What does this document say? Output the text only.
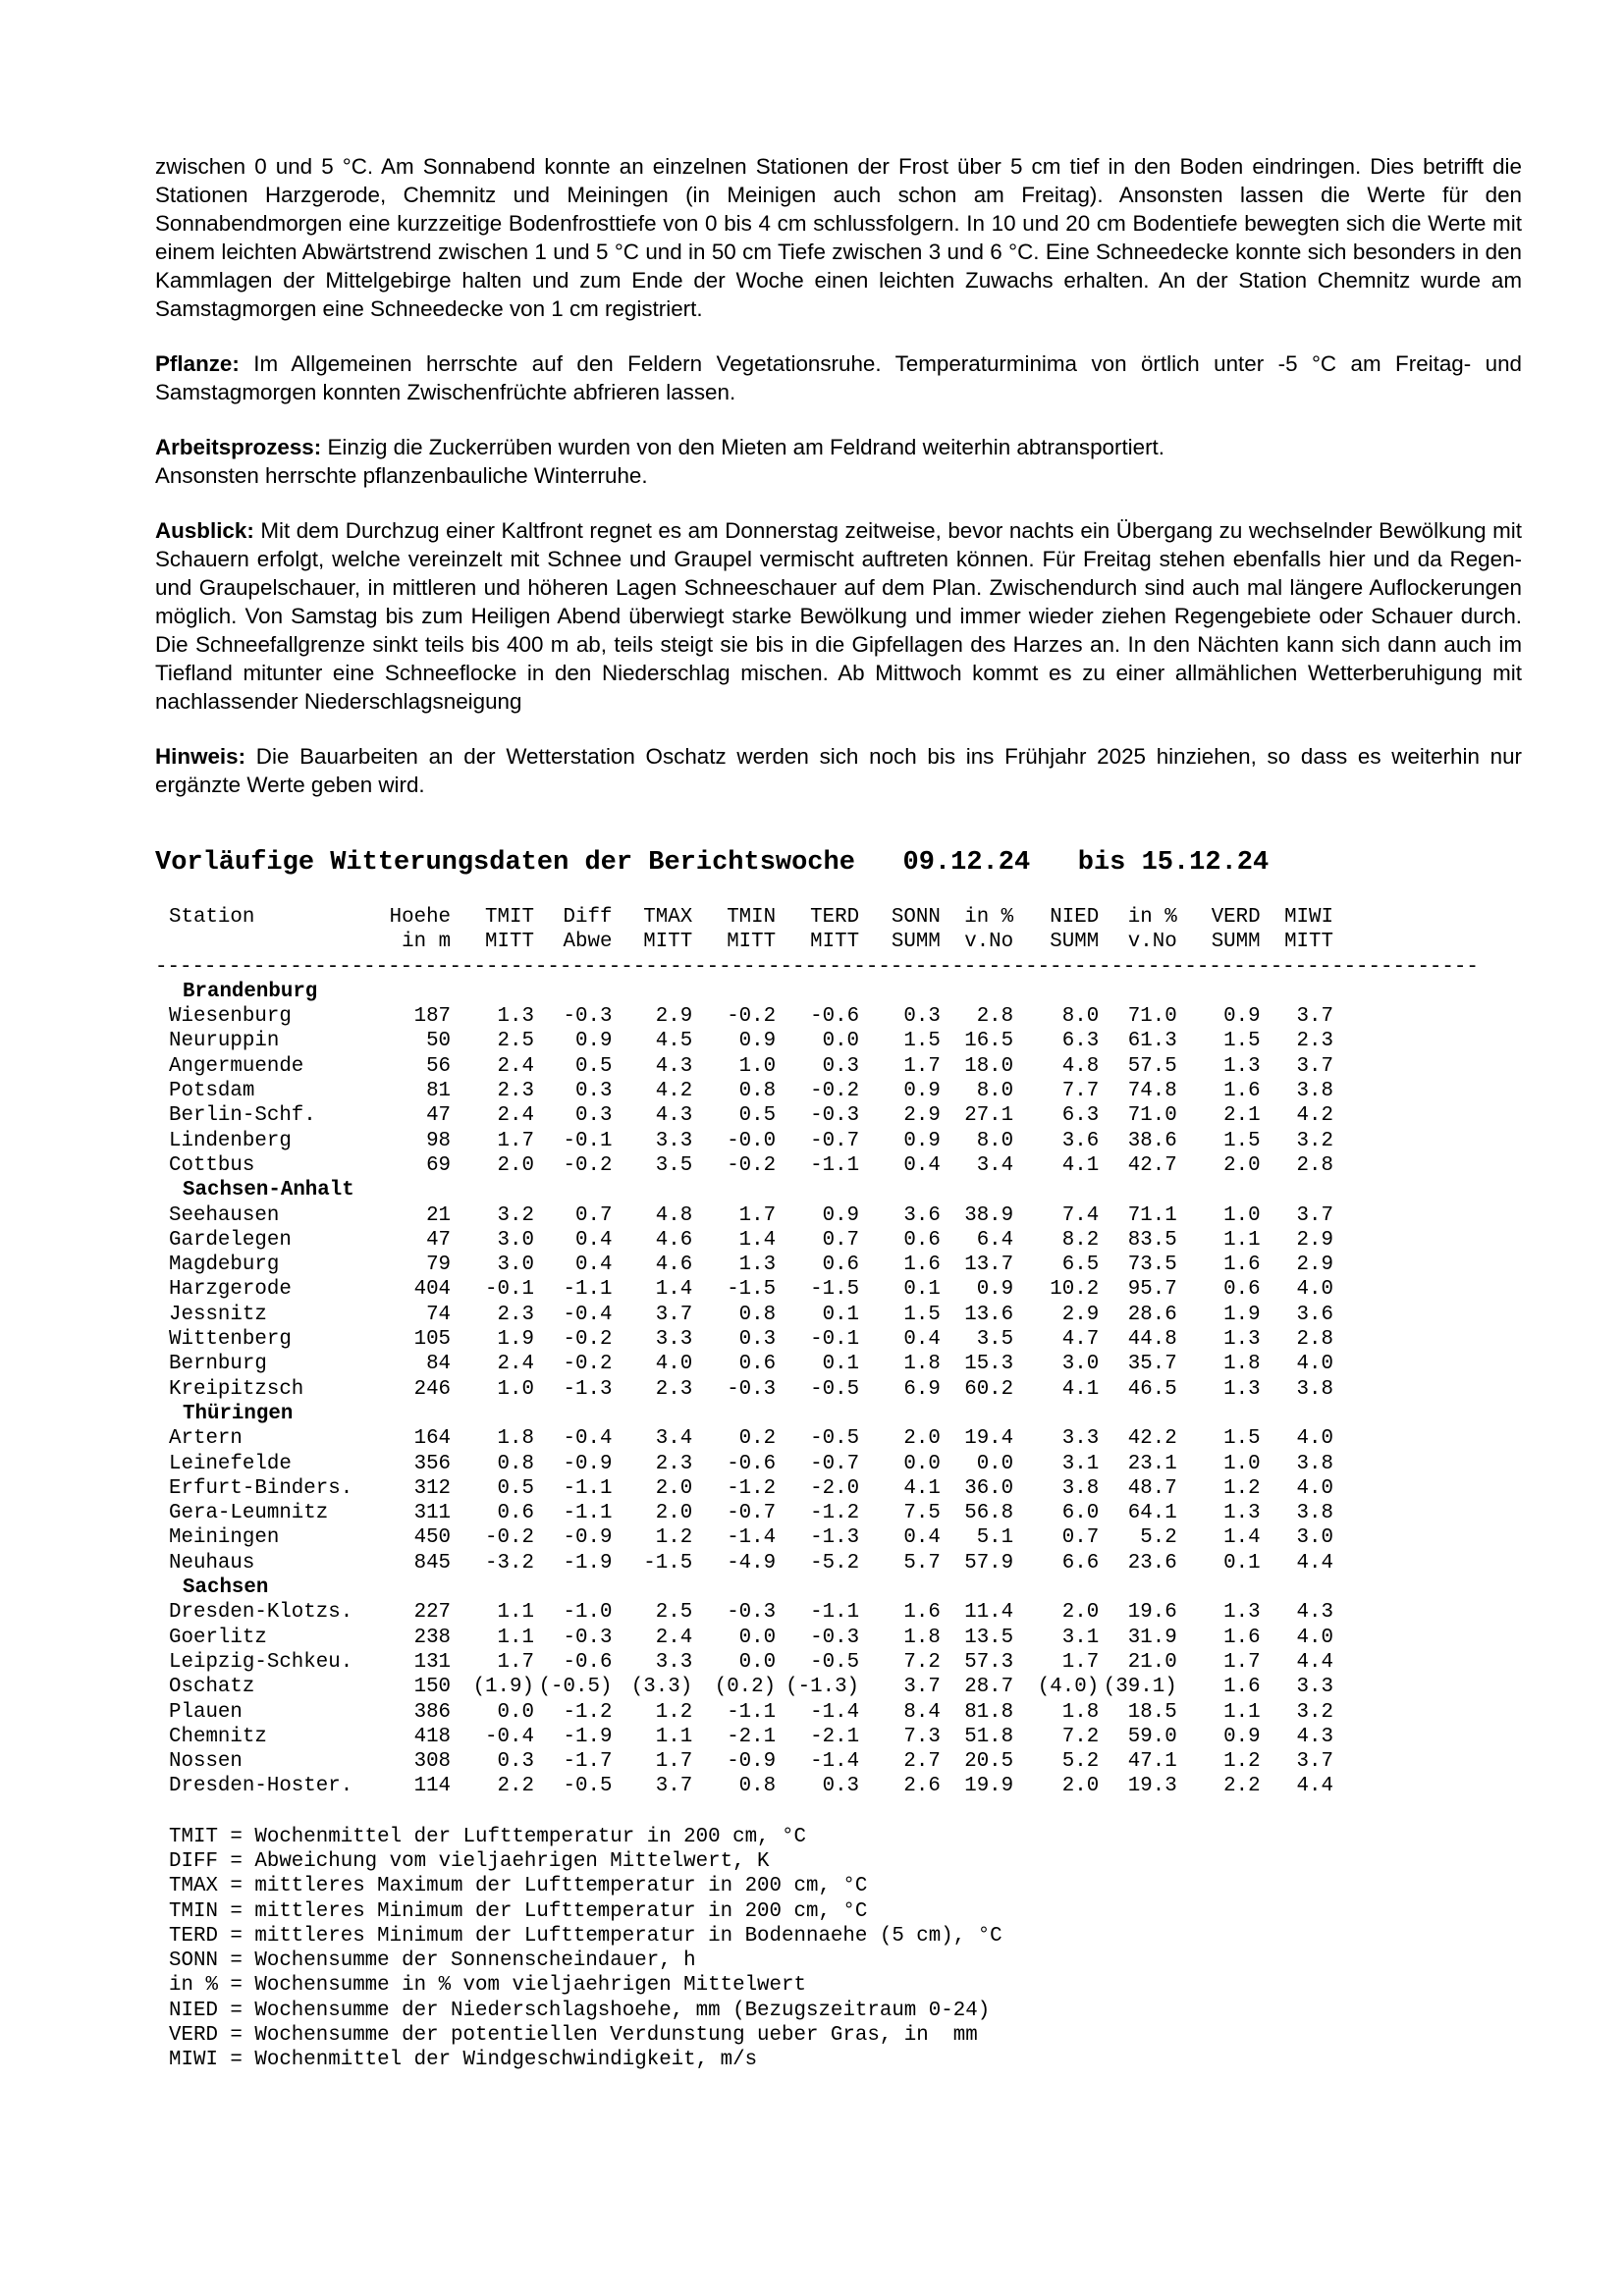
zwischen 0 und 5 °C. Am Sonnabend konnte an einzelnen Stationen der Frost über 5 cm tief in den Boden eindringen. Dies betrifft die Stationen Harzgerode, Chemnitz und Meiningen (in Meinigen auch schon am Freitag). Ansonsten lassen die Werte für den Sonnabendmorgen eine kurzzeitige Bodenfrosttiefe von 0 bis 4 cm schlussfolgern. In 10 und 20 cm Bodentiefe bewegten sich die Werte mit einem leichten Abwärtstrend zwischen 1 und 5 °C und in 50 cm Tiefe zwischen 3 und 6 °C. Eine Schneedecke konnte sich besonders in den Kammlagen der Mittelgebirge halten und zum Ende der Woche einen leichten Zuwachs erhalten. An der Station Chemnitz wurde am Samstagmorgen eine Schneedecke von 1 cm registriert.

Pflanze: Im Allgemeinen herrschte auf den Feldern Vegetationsruhe. Temperaturminima von örtlich unter -5 °C am Freitag- und Samstagmorgen konnten Zwischenfrüchte abfrieren lassen.

Arbeitsprozess: Einzig die Zuckerrüben wurden von den Mieten am Feldrand weiterhin abtransportiert.
Ansonsten herrschte pflanzenbauliche Winterruhe.

Ausblick: Mit dem Durchzug einer Kaltfront regnet es am Donnerstag zeitweise, bevor nachts ein Übergang zu wechselnder Bewölkung mit Schauern erfolgt, welche vereinzelt mit Schnee und Graupel vermischt auftreten können. Für Freitag stehen ebenfalls hier und da Regen- und Graupelschauer, in mittleren und höheren Lagen Schneeschauer auf dem Plan. Zwischendurch sind auch mal längere Auflockerungen möglich. Von Samstag bis zum Heiligen Abend überwiegt starke Bewölkung und immer wieder ziehen Regengebiete oder Schauer durch. Die Schneefallgrenze sinkt teils bis 400 m ab, teils steigt sie bis in die Gipfellagen des Harzes an. In den Nächten kann sich dann auch im Tiefland mitunter eine Schneeflocke in den Niederschlag mischen. Ab Mittwoch kommt es zu einer allmählichen Wetterberuhigung mit nachlassender Niederschlagsneigung

Hinweis: Die Bauarbeiten an der Wetterstation Oschatz werden sich noch bis ins Frühjahr 2025 hinziehen, so dass es weiterhin nur ergänzte Werte geben wird.

Vorläufige Witterungsdaten der Berichtswoche   09.12.24   bis 15.12.24
Station	Hoehe	TMIT	Diff	TMAX	TMIN	TERD	SONN	in %	NIED	in %	VERD	MIWI
	in m	MITT	Abwe	MITT	MITT	MITT	SUMM	v.No	SUMM	v.No	SUMM	MITT

------------------------------------------------------------------------------------------------------------												

Brandenburg												
Wiesenburg	187	1.3	-0.3	2.9	-0.2	-0.6	0.3	2.8	8.0	71.0	0.9	3.7
Neuruppin	50	2.5	0.9	4.5	0.9	0.0	1.5	16.5	6.3	61.3	1.5	2.3
Angermuende	56	2.4	0.5	4.3	1.0	0.3	1.7	18.0	4.8	57.5	1.3	3.7
Potsdam	81	2.3	0.3	4.2	0.8	-0.2	0.9	8.0	7.7	74.8	1.6	3.8
Berlin-Schf.	47	2.4	0.3	4.3	0.5	-0.3	2.9	27.1	6.3	71.0	2.1	4.2
Lindenberg	98	1.7	-0.1	3.3	-0.0	-0.7	0.9	8.0	3.6	38.6	1.5	3.2
Cottbus	69	2.0	-0.2	3.5	-0.2	-1.1	0.4	3.4	4.1	42.7	2.0	2.8
Sachsen-Anhalt												
Seehausen	21	3.2	0.7	4.8	1.7	0.9	3.6	38.9	7.4	71.1	1.0	3.7
Gardelegen	47	3.0	0.4	4.6	1.4	0.7	0.6	6.4	8.2	83.5	1.1	2.9
Magdeburg	79	3.0	0.4	4.6	1.3	0.6	1.6	13.7	6.5	73.5	1.6	2.9
Harzgerode	404	-0.1	-1.1	1.4	-1.5	-1.5	0.1	0.9	10.2	95.7	0.6	4.0
Jessnitz	74	2.3	-0.4	3.7	0.8	0.1	1.5	13.6	2.9	28.6	1.9	3.6
Wittenberg	105	1.9	-0.2	3.3	0.3	-0.1	0.4	3.5	4.7	44.8	1.3	2.8
Bernburg	84	2.4	-0.2	4.0	0.6	0.1	1.8	15.3	3.0	35.7	1.8	4.0
Kreipitzsch	246	1.0	-1.3	2.3	-0.3	-0.5	6.9	60.2	4.1	46.5	1.3	3.8
Thüringen												
Artern	164	1.8	-0.4	3.4	0.2	-0.5	2.0	19.4	3.3	42.2	1.5	4.0
Leinefelde	356	0.8	-0.9	2.3	-0.6	-0.7	0.0	0.0	3.1	23.1	1.0	3.8
Erfurt-Binders.	312	0.5	-1.1	2.0	-1.2	-2.0	4.1	36.0	3.8	48.7	1.2	4.0
Gera-Leumnitz	311	0.6	-1.1	2.0	-0.7	-1.2	7.5	56.8	6.0	64.1	1.3	3.8
Meiningen	450	-0.2	-0.9	1.2	-1.4	-1.3	0.4	5.1	0.7	5.2	1.4	3.0
Neuhaus	845	-3.2	-1.9	-1.5	-4.9	-5.2	5.7	57.9	6.6	23.6	0.1	4.4
Sachsen												
Dresden-Klotzs.	227	1.1	-1.0	2.5	-0.3	-1.1	1.6	11.4	2.0	19.6	1.3	4.3
Goerlitz	238	1.1	-0.3	2.4	0.0	-0.3	1.8	13.5	3.1	31.9	1.6	4.0
Leipzig-Schkeu.	131	1.7	-0.6	3.3	0.0	-0.5	7.2	57.3	1.7	21.0	1.7	4.4
Oschatz	150	(1.9)	(-0.5)	(3.3)	(0.2)	(-1.3)	3.7	28.7	(4.0)	(39.1)	1.6	3.3
Plauen	386	0.0	-1.2	1.2	-1.1	-1.4	8.4	81.8	1.8	18.5	1.1	3.2
Chemnitz	418	-0.4	-1.9	1.1	-2.1	-2.1	7.3	51.8	7.2	59.0	0.9	4.3
Nossen	308	0.3	-1.7	1.7	-0.9	-1.4	2.7	20.5	5.2	47.1	1.2	3.7
Dresden-Hoster.	114	2.2	-0.5	3.7	0.8	0.3	2.6	19.9	2.0	19.3	2.2	4.4
TMIT = Wochenmittel der Lufttemperatur in 200 cm, °C
DIFF = Abweichung vom vieljaehrigen Mittelwert, K
TMAX = mittleres Maximum der Lufttemperatur in 200 cm, °C
TMIN = mittleres Minimum der Lufttemperatur in 200 cm, °C
TERD = mittleres Minimum der Lufttemperatur in Bodennaehe (5 cm), °C
SONN = Wochensumme der Sonnenscheindauer, h
in % = Wochensumme in % vom vieljaehrigen Mittelwert
NIED = Wochensumme der Niederschlagshoehe, mm (Bezugszeitraum 0-24)
VERD = Wochensumme der potentiellen Verdunstung ueber Gras, in  mm
MIWI = Wochenmittel der Windgeschwindigkeit, m/s
